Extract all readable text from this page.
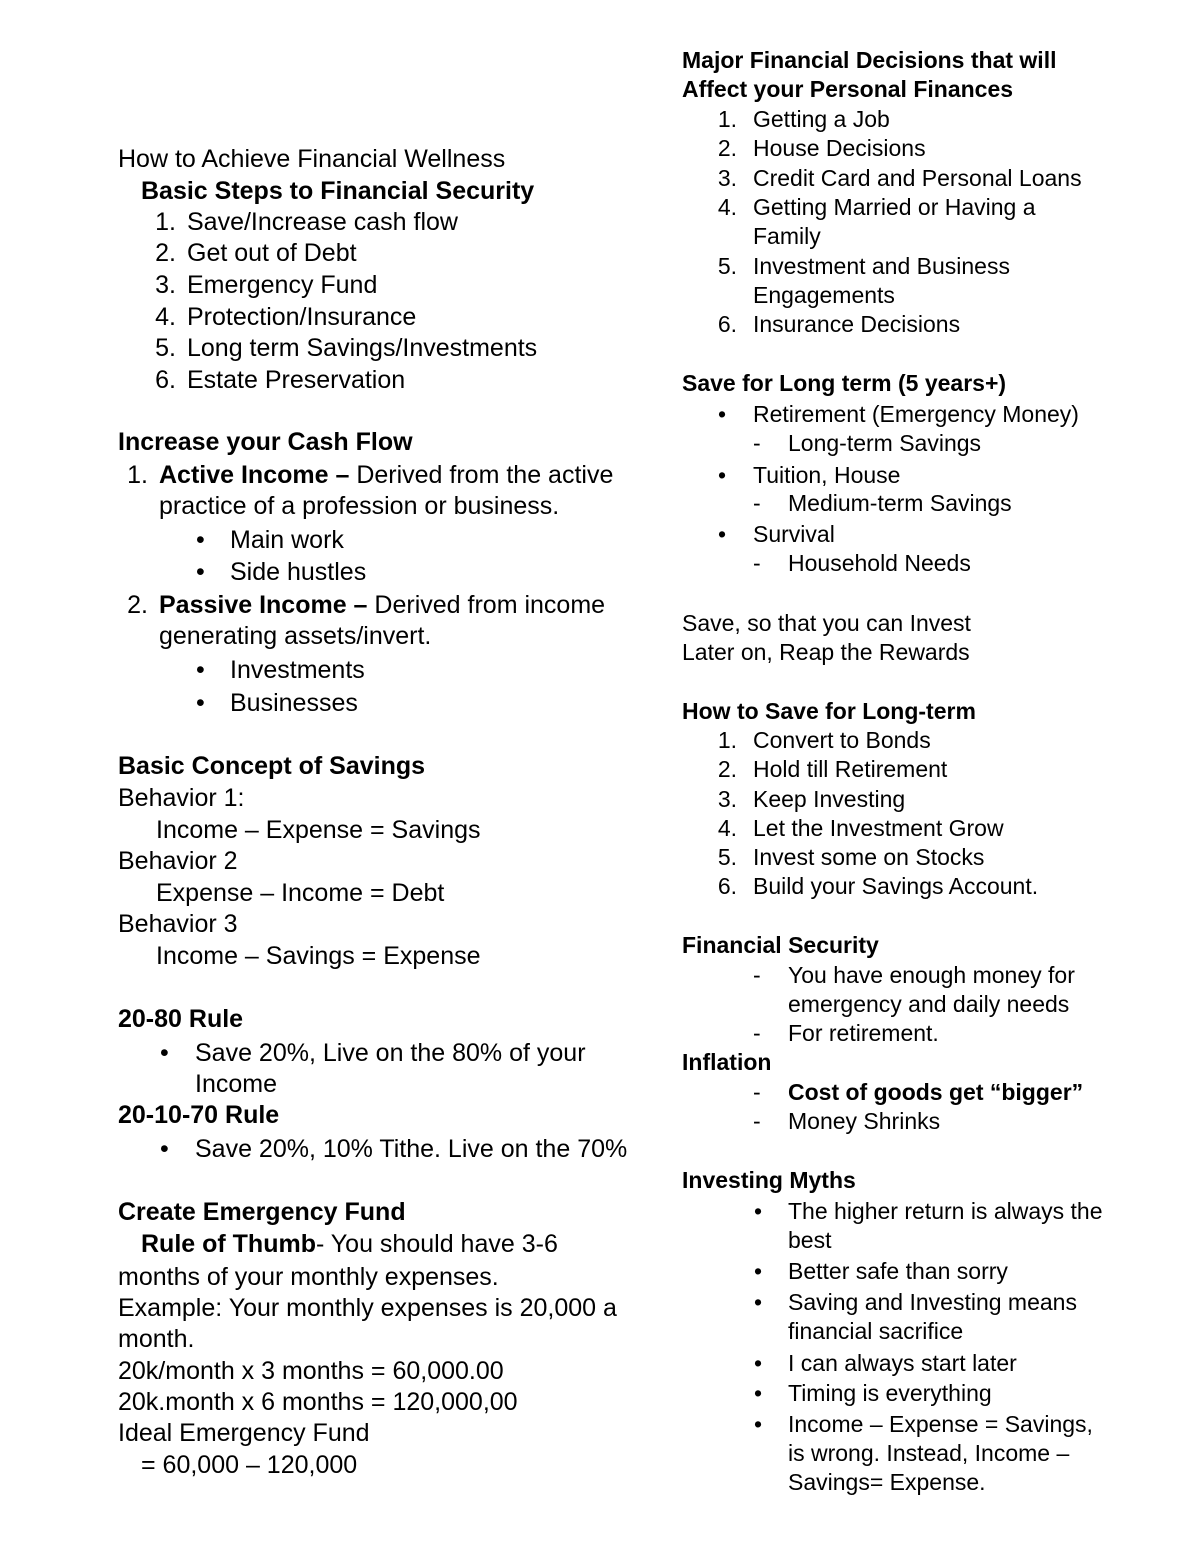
How to Achieve Financial Wellness
Basic Steps to Financial Security
1. Save/Increase cash flow
2. Get out of Debt
3. Emergency Fund
4. Protection/Insurance
5. Long term Savings/Investments
6. Estate Preservation
Increase your Cash Flow
1. Active Income – Derived from the active
practice of a profession or business.
• Main work
• Side hustles
2. Passive Income – Derived from income
generating assets/invert.
• Investments
• Businesses
Basic Concept of Savings
Behavior 1:
Income – Expense = Savings
Behavior 2
Expense – Income = Debt
Behavior 3
Income – Savings = Expense
20-80 Rule
• Save 20%, Live on the 80% of your
Income
20-10-70 Rule
• Save 20%, 10% Tithe. Live on the 70%
Create Emergency Fund
Rule of Thumb- You should have 3-6
months of your monthly expenses.
Example: Your monthly expenses is 20,000 a
month.
20k/month x 3 months = 60,000.00
20k.month x 6 months = 120,000,00
Ideal Emergency Fund
= 60,000 – 120,000
Major Financial Decisions that will
Affect your Personal Finances
1. Getting a Job
2. House Decisions
3. Credit Card and Personal Loans
4. Getting Married or Having a
Family
5. Investment and Business
Engagements
6. Insurance Decisions
Save for Long term (5 years+)
• Retirement (Emergency Money)
- Long-term Savings
• Tuition, House
- Medium-term Savings
• Survival
- Household Needs
Save, so that you can Invest
Later on, Reap the Rewards
How to Save for Long-term
1. Convert to Bonds
2. Hold till Retirement
3. Keep Investing
4. Let the Investment Grow
5. Invest some on Stocks
6. Build your Savings Account.
Financial Security
- You have enough money for
emergency and daily needs
- For retirement.
Inflation
- Cost of goods get “bigger”
- Money Shrinks
Investing Myths
• The higher return is always the
best
• Better safe than sorry
• Saving and Investing means
financial sacrifice
• I can always start later
• Timing is everything
• Income – Expense = Savings,
is wrong. Instead, Income –
Savings= Expense.
